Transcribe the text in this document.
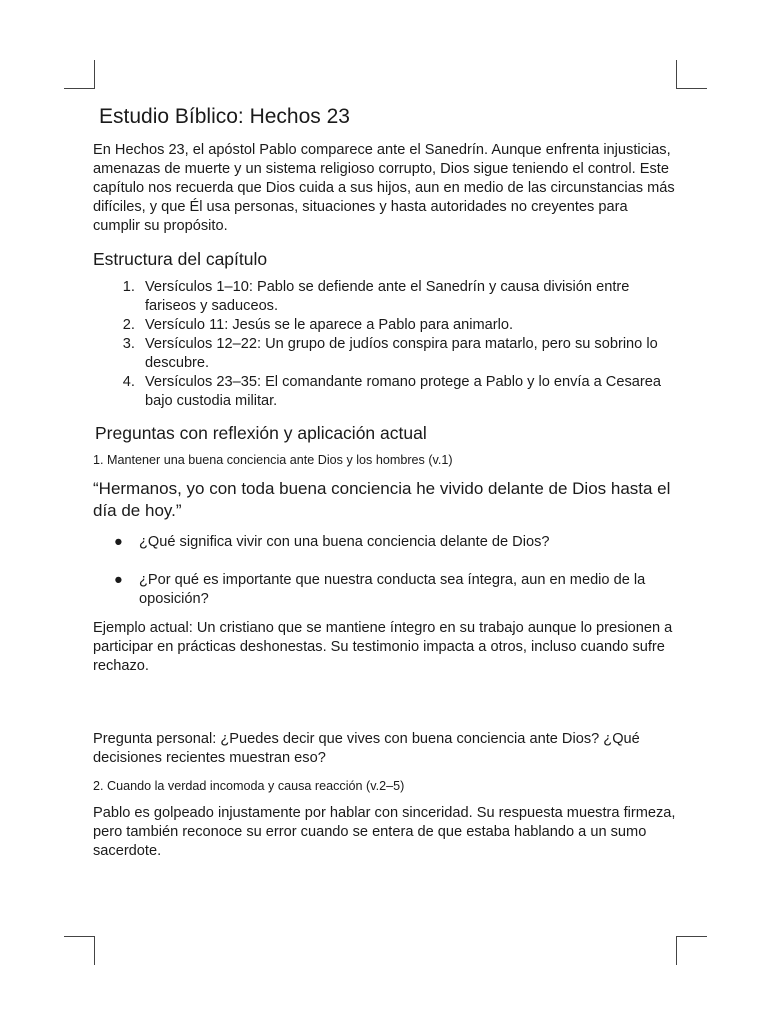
Estudio Bíblico: Hechos 23

En Hechos 23, el apóstol Pablo comparece ante el Sanedrín. Aunque enfrenta injusticias, amenazas de muerte y un sistema religioso corrupto, Dios sigue teniendo el control. Este capítulo nos recuerda que Dios cuida a sus hijos, aun en medio de las circunstancias más difíciles, y que Él usa personas, situaciones y hasta autoridades no creyentes para cumplir su propósito.

Estructura del capítulo
1. Versículos 1–10: Pablo se defiende ante el Sanedrín y causa división entre fariseos y saduceos.
2. Versículo 11: Jesús se le aparece a Pablo para animarlo.
3. Versículos 12–22: Un grupo de judíos conspira para matarlo, pero su sobrino lo descubre.
4. Versículos 23–35: El comandante romano protege a Pablo y lo envía a Cesarea bajo custodia militar.
Preguntas con reflexión y aplicación actual

1. Mantener una buena conciencia ante Dios y los hombres (v.1)

“Hermanos, yo con toda buena conciencia he vivido delante de Dios hasta el día de hoy.”

● ¿Qué significa vivir con una buena conciencia delante de Dios?
● ¿Por qué es importante que nuestra conducta sea íntegra, aun en medio de la oposición?

Ejemplo actual: Un cristiano que se mantiene íntegro en su trabajo aunque lo presionen a participar en prácticas deshonestas. Su testimonio impacta a otros, incluso cuando sufre rechazo.

Pregunta personal: ¿Puedes decir que vives con buena conciencia ante Dios? ¿Qué decisiones recientes muestran eso?

2. Cuando la verdad incomoda y causa reacción (v.2–5)

Pablo es golpeado injustamente por hablar con sinceridad. Su respuesta muestra firmeza, pero también reconoce su error cuando se entera de que estaba hablando a un sumo sacerdote.
